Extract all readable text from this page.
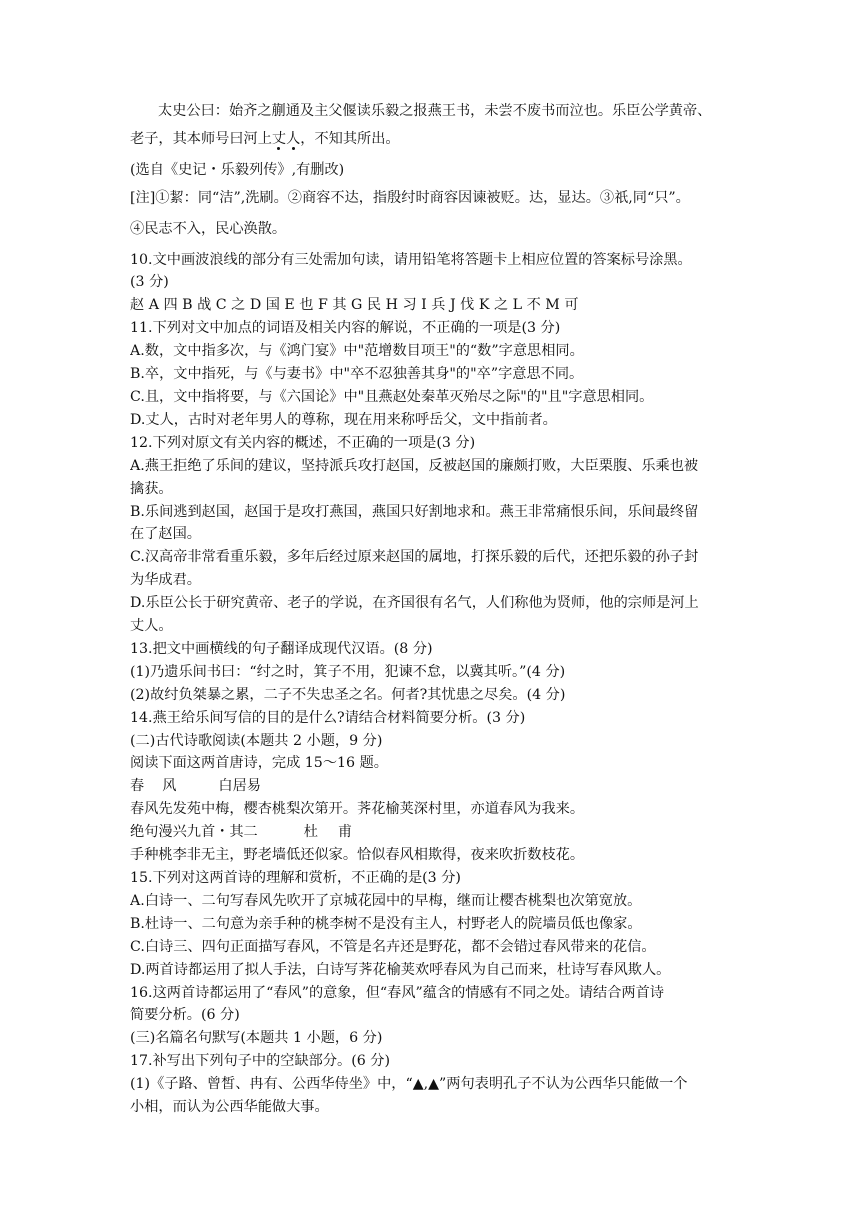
太史公曰：始齐之蒯通及主父偃读乐毅之报燕王书，未尝不废书而泣也。乐臣公学黄帝、
老子，其本师号曰河上丈人，不知其所出。
(选自《史记・乐毅列传》,有删改)
[注]①絜：同“洁”,洗刷。②商容不达，指殷纣时商容因谏被贬。达，显达。③祇,同“只”。
④民志不入，民心涣散。
10.文中画波浪线的部分有三处需加句读，请用铅笔将答题卡上相应位置的答案标号涂黑。
(3 分)
赵 A 四 B 战 C 之 D 国 E 也 F 其 G 民 H 习 I 兵 J 伐 K 之 L 不 M 可
11.下列对文中加点的词语及相关内容的解说，不正确的一项是(3 分)
A.数，文中指多次，与《鸿门宴》中"范增数目项王"的“数”字意思相同。
B.卒，文中指死，与《与妻书》中"卒不忍独善其身"的"卒”字意思不同。
C.且，文中指将要，与《六国论》中"且燕赵处秦革灭殆尽之际"的"且"字意思相同。
D.丈人，古时对老年男人的尊称，现在用来称呼岳父，文中指前者。
12.下列对原文有关内容的概述，不正确的一项是(3 分)
A.燕王拒绝了乐间的建议，坚持派兵攻打赵国，反被赵国的廉颇打败，大臣栗腹、乐乘也被
擒获。
B.乐间逃到赵国，赵国于是攻打燕国，燕国只好割地求和。燕王非常痛恨乐间，乐间最终留
在了赵国。
C.汉高帝非常看重乐毅，多年后经过原来赵国的属地，打探乐毅的后代，还把乐毅的孙子封
为华成君。
D.乐臣公长于研究黄帝、老子的学说，在齐国很有名气，人们称他为贤师，他的宗师是河上
丈人。
13.把文中画横线的句子翻译成现代汉语。(8 分)
(1)乃遗乐间书曰：“纣之时，箕子不用，犯谏不怠，以冀其听。”(4 分)
(2)故纣负桀暴之累，二子不失忠圣之名。何者?其忧患之尽矣。(4 分)
14.燕王给乐间写信的目的是什么?请结合材料简要分析。(3 分)
(二)古代诗歌阅读(本题共 2 小题，9 分)
阅读下面这两首唐诗，完成 15～16 题。
春 风	白居易
春风先发苑中梅，樱杏桃梨次第开。荠花榆荚深村里，亦道春风为我来。
绝句漫兴九首・其二	杜 甫
手种桃李非无主，野老墙低还似家。恰似春风相欺得，夜来吹折数枝花。
15.下列对这两首诗的理解和赏析，不正确的是(3 分)
A.白诗一、二句写春风先吹开了京城花园中的早梅，继而让樱杏桃梨也次第宽放。
B.杜诗一、二句意为亲手种的桃李树不是没有主人，村野老人的院墙员低也像家。
C.白诗三、四句正面描写春风，不管是名卉还是野花，都不会错过春风带来的花信。
D.两首诗都运用了拟人手法，白诗写荠花榆荚欢呼春风为自己而来，杜诗写春风欺人。
16.这两首诗都运用了“春风”的意象，但“春风”蕴含的情感有不同之处。请结合两首诗
简要分析。(6 分)
(三)名篇名句默写(本题共 1 小题，6 分)
17.补写出下列句子中的空缺部分。(6 分)
(1)《子路、曾皙、冉有、公西华侍坐》中，“▲,▲”两句表明孔子不认为公西华只能做一个
小相，而认为公西华能做大事。
